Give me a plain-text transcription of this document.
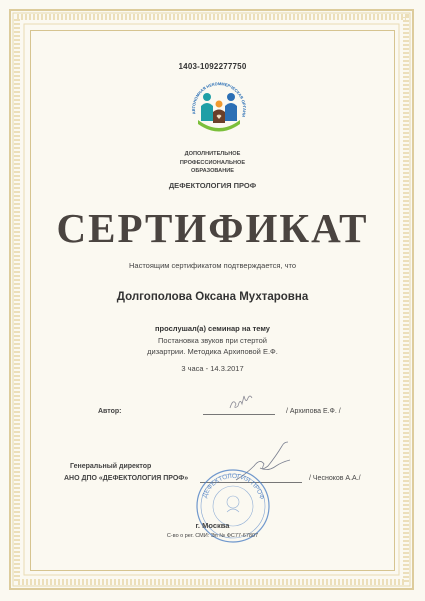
1403-1092277750
АВТОНОМНАЯ НЕКОММЕРЧЕСКАЯ ОРГАНИ
ДОПОЛНИТЕЛЬНОЕ
ПРОФЕССИОНАЛЬНОЕ
ОБРАЗОВАНИЕ
ДЕФЕКТОЛОГИЯ ПРОФ
СЕРТИФИКАТ
Настоящим сертификатом подтверждается, что
Долгополова Оксана Мухтаровна
прослушал(а) семинар на тему
Постановка звуков при стертой
дизартрии. Методика Архиповой Е.Ф.
3 часа - 14.3.2017
Автор:	/ Архипова Е.Ф. /
Генеральный директор
АНО ДПО «ДЕФЕКТОЛОГИЯ ПРОФ»	/ Чесноков А.А./
ДЕФЕКТОЛОГИЯ ПРОФ
г. Москва
С-во о рег. СМИ: Эл № ФС77-67807
